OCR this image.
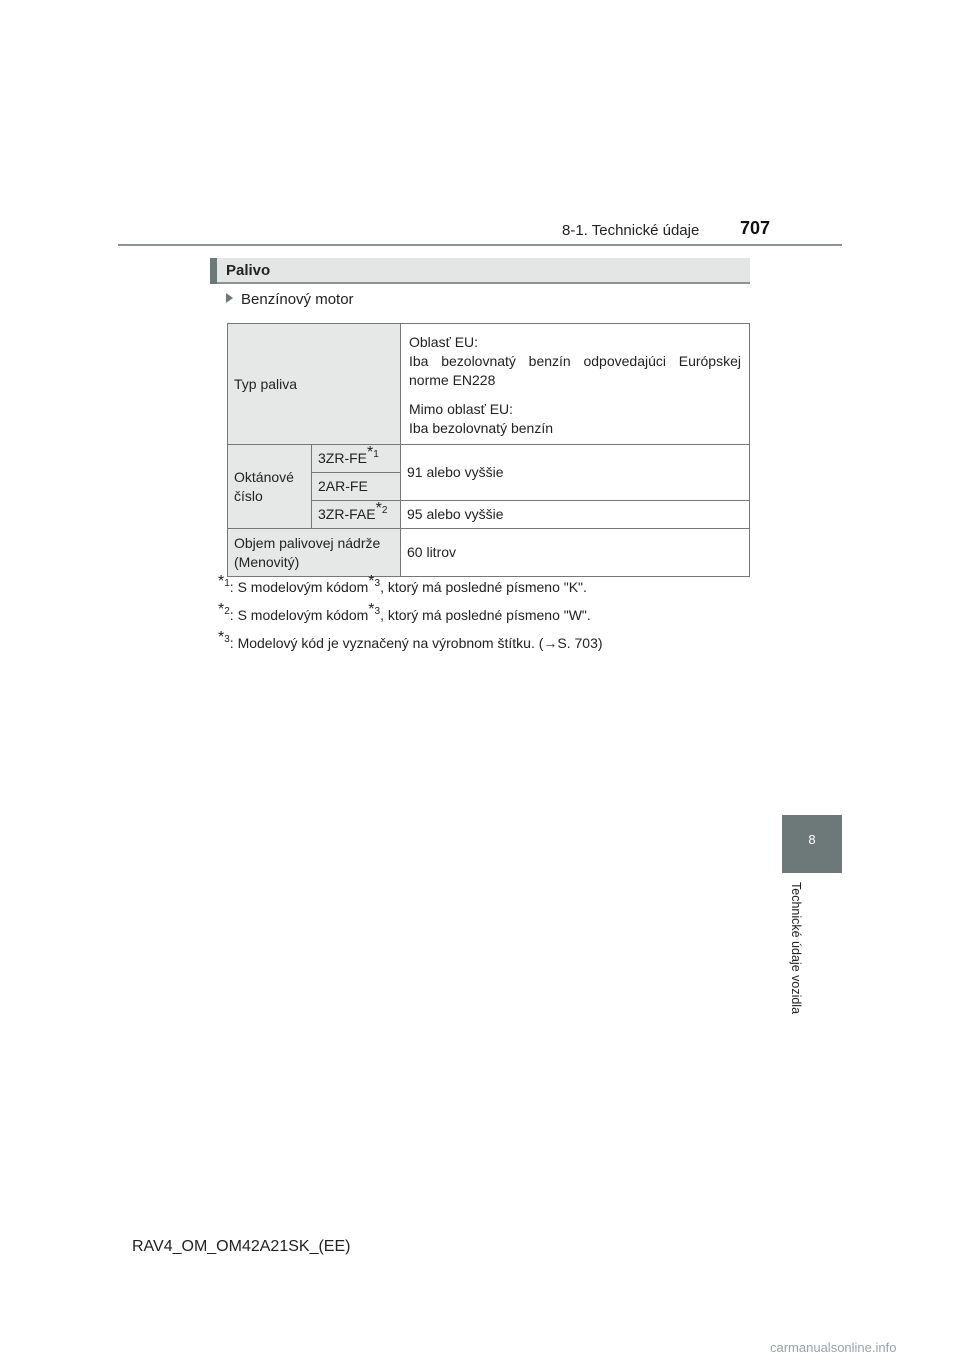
8-1. Technické údaje 707
Palivo
Benzínový motor
Typ paliva		Oblasť EU:

Iba bezolovnatý benzín odpovedajúci Európskej norme EN228

Mimo oblasť EU:
Iba bezolovnatý benzín

Oktánové číslo	3ZR-FE$^{*1}$	91 alebo vyššie
	2AR-FE	
	3ZR-FAE$^{*2}$	95 alebo vyššie
Objem palivovej nádrže (Menovitý)		60 litrov

$^{*1}$: S modelovým kódom$^{*3}$, ktorý má posledné písmeno "K".

$^{*2}$: S modelovým kódom$^{*3}$, ktorý má posledné písmeno "W".

$^{*3}$: Modelový kód je vyznačený na výrobnom štítku. (→S. 703)

8
Technické údaje vozidla
RAV4_OM_OM42A21SK_(EE)
carmanualsonline.info
